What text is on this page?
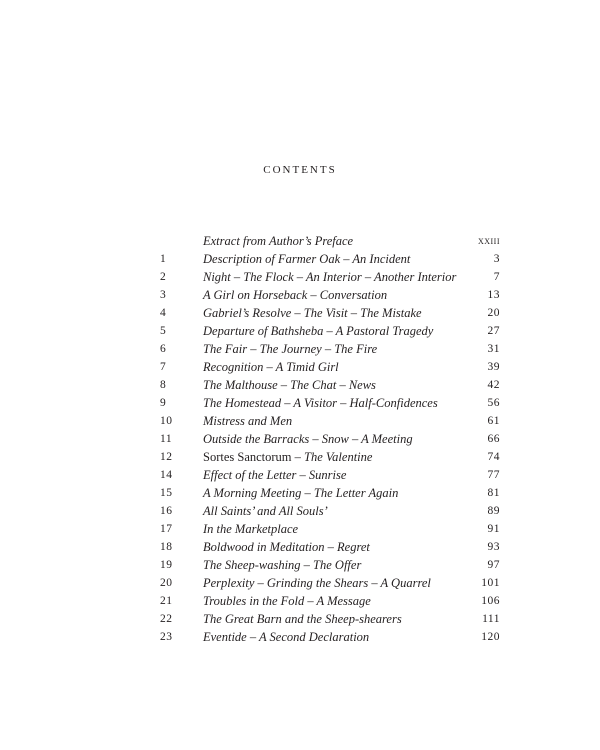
contents
Extract from Author’s Preface	xxiii
1	Description of Farmer Oak – An Incident	3
2	Night – The Flock – An Interior – Another Interior	7
3	A Girl on Horseback – Conversation	13
4	Gabriel’s Resolve – The Visit – The Mistake	20
5	Departure of Bathsheba – A Pastoral Tragedy	27
6	The Fair – The Journey – The Fire	31
7	Recognition – A Timid Girl	39
8	The Malthouse – The Chat – News	42
9	The Homestead – A Visitor – Half-Confidences	56
10	Mistress and Men	61
11	Outside the Barracks – Snow – A Meeting	66
12	Sortes Sanctorum – The Valentine	74
14	Effect of the Letter – Sunrise	77
15	A Morning Meeting – The Letter Again	81
16	All Saints’ and All Souls’	89
17	In the Marketplace	91
18	Boldwood in Meditation – Regret	93
19	The Sheep-washing – The Offer	97
20	Perplexity – Grinding the Shears – A Quarrel	101
21	Troubles in the Fold – A Message	106
22	The Great Barn and the Sheep-shearers	111
23	Eventide – A Second Declaration	120
